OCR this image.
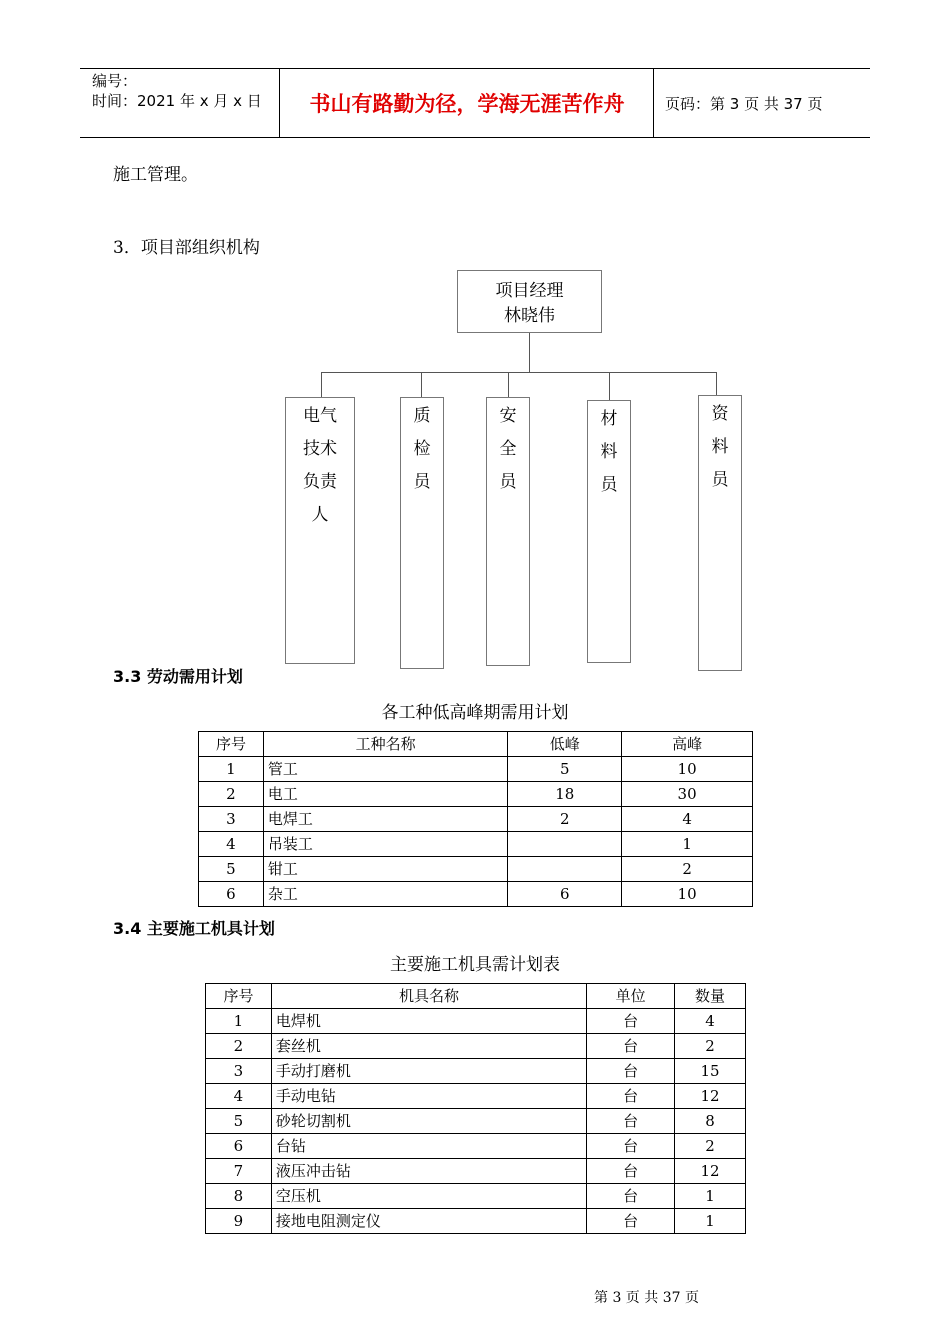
编号：
时间：2021 年 x 月 x 日	书山有路勤为径，学海无涯苦作舟	页码：第 3 页 共 37 页
施工管理。
3．项目部组织机构
项目经理
林晓伟
电气
技术
负责
人
质
检
员
安
全
员
材
料
员
资
料
员
3.3 劳动需用计划
各工种低高峰期需用计划
序号	工种名称	低峰	高峰
1	管工	5	10
2	电工	18	30
3	电焊工	2	4
4	吊装工		1
5	钳工		2
6	杂工	6	10
3.4 主要施工机具计划
主要施工机具需计划表
序号	机具名称	单位	数量
1	电焊机	台	4
2	套丝机	台	2
3	手动打磨机	台	15
4	手动电钻	台	12
5	砂轮切割机	台	8
6	台钻	台	2
7	液压冲击钻	台	12
8	空压机	台	1
9	接地电阻测定仪	台	1
第 3 页 共 37 页
